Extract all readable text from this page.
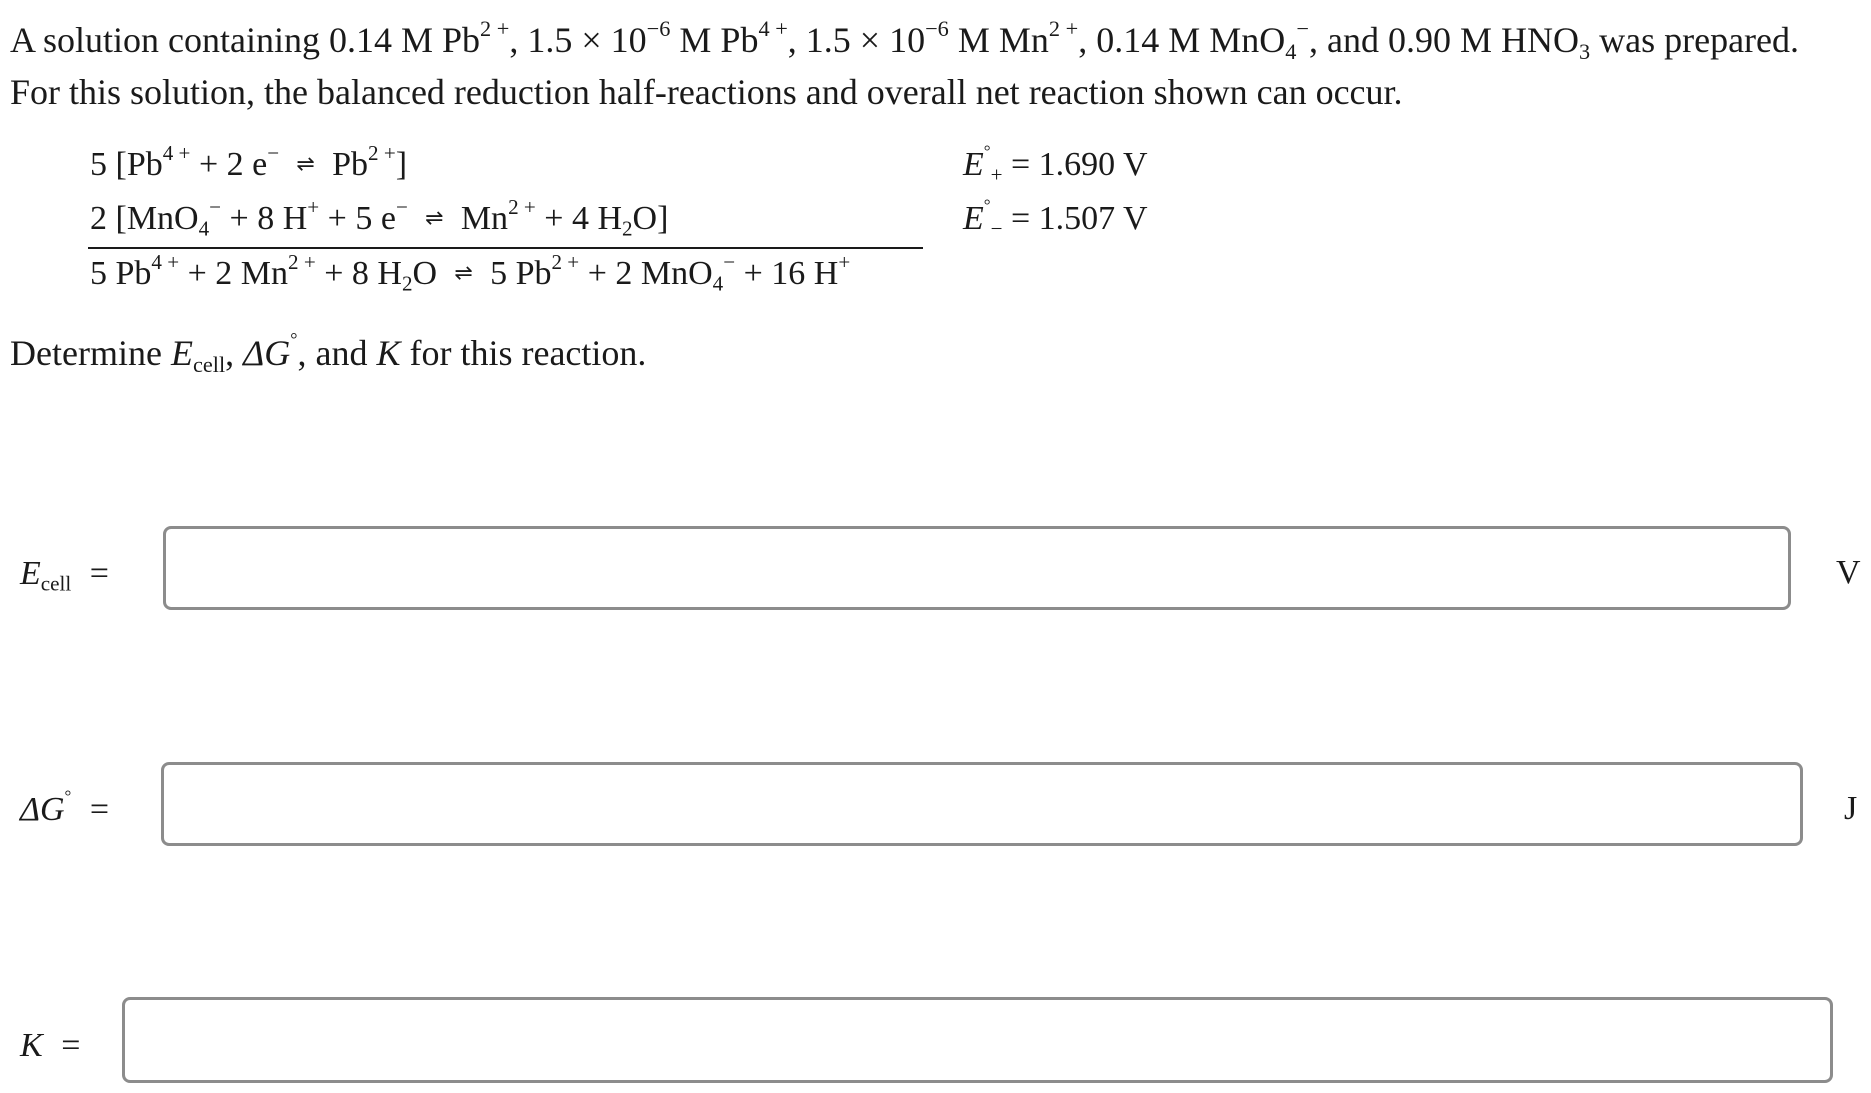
A solution containing 0.14 M $Pb^{2 +}$, $1.5 \times 10^{-6}$ M $Pb^{4 +}$, $1.5 \times 10^{-6}$ M $Mn^{2 +}$, 0.14 M MnO$_4$−, and 0.90 M $HNO_3$ was prepared.
For this solution, the balanced reduction half-reactions and overall net reaction shown can occur.
5 [$Pb^{4 +} + 2$ e− ⇌ $Pb^{2 +}$]
2 [MnO$_4$− + 8 H+ + 5 e− ⇌ $Mn^{2 +} + 4$ $H_2O$]
5 $Pb^{4 +} + 2$ $Mn^{2 +} + 8$ $H_2O$ ⇌ 5 $Pb^{2 +} + 2$ MnO$_4$− + 16 H+
$E^\circ_+ = 1.690$ V
$E^\circ_- = 1.507$ V
Determine $E_{cell}$, ΔG°, and K for this reaction.
$E_{cell}$ =	V
ΔG° =	J
K =
